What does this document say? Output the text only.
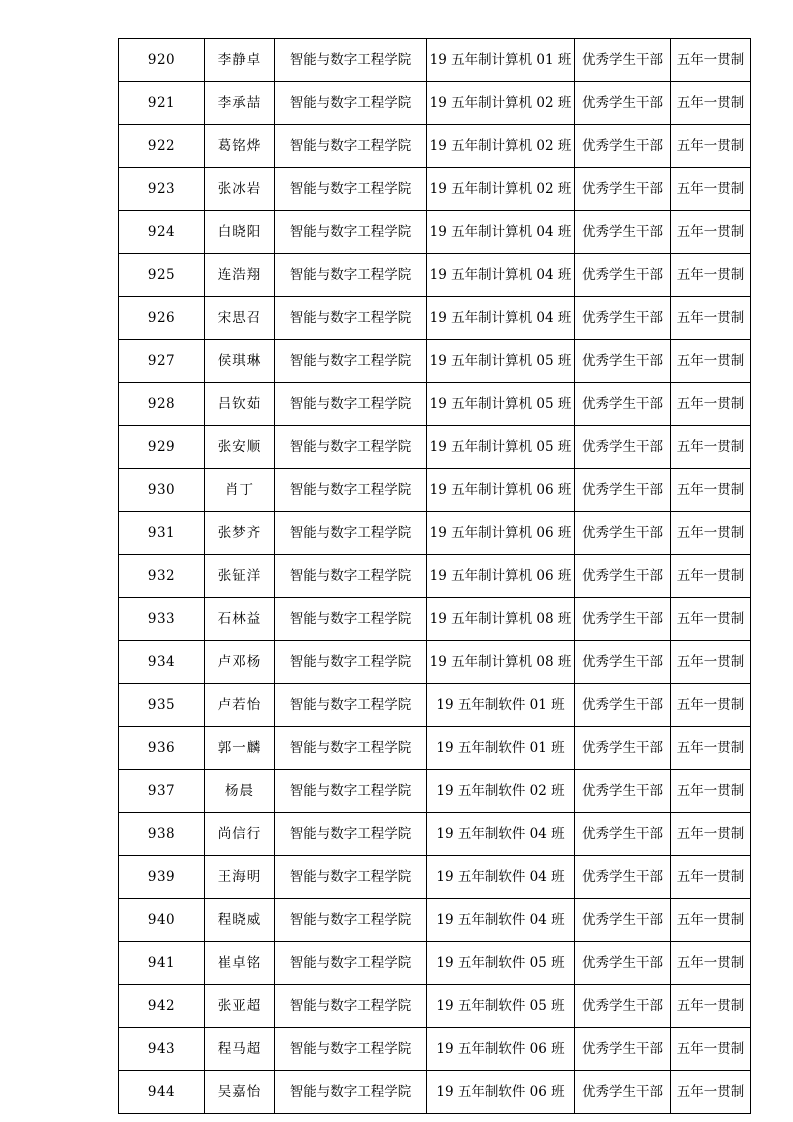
920	李静卓	智能与数字工程学院	19 五年制计算机 01 班	优秀学生干部	五年一贯制
921	李承喆	智能与数字工程学院	19 五年制计算机 02 班	优秀学生干部	五年一贯制
922	葛铭烨	智能与数字工程学院	19 五年制计算机 02 班	优秀学生干部	五年一贯制
923	张冰岩	智能与数字工程学院	19 五年制计算机 02 班	优秀学生干部	五年一贯制
924	白晓阳	智能与数字工程学院	19 五年制计算机 04 班	优秀学生干部	五年一贯制
925	连浩翔	智能与数字工程学院	19 五年制计算机 04 班	优秀学生干部	五年一贯制
926	宋思召	智能与数字工程学院	19 五年制计算机 04 班	优秀学生干部	五年一贯制
927	侯琪琳	智能与数字工程学院	19 五年制计算机 05 班	优秀学生干部	五年一贯制
928	吕钦茹	智能与数字工程学院	19 五年制计算机 05 班	优秀学生干部	五年一贯制
929	张安顺	智能与数字工程学院	19 五年制计算机 05 班	优秀学生干部	五年一贯制
930	肖丁	智能与数字工程学院	19 五年制计算机 06 班	优秀学生干部	五年一贯制
931	张梦齐	智能与数字工程学院	19 五年制计算机 06 班	优秀学生干部	五年一贯制
932	张钲洋	智能与数字工程学院	19 五年制计算机 06 班	优秀学生干部	五年一贯制
933	石林益	智能与数字工程学院	19 五年制计算机 08 班	优秀学生干部	五年一贯制
934	卢邓杨	智能与数字工程学院	19 五年制计算机 08 班	优秀学生干部	五年一贯制
935	卢若怡	智能与数字工程学院	19 五年制软件 01 班	优秀学生干部	五年一贯制
936	郭一麟	智能与数字工程学院	19 五年制软件 01 班	优秀学生干部	五年一贯制
937	杨晨	智能与数字工程学院	19 五年制软件 02 班	优秀学生干部	五年一贯制
938	尚信行	智能与数字工程学院	19 五年制软件 04 班	优秀学生干部	五年一贯制
939	王海明	智能与数字工程学院	19 五年制软件 04 班	优秀学生干部	五年一贯制
940	程晓威	智能与数字工程学院	19 五年制软件 04 班	优秀学生干部	五年一贯制
941	崔卓铭	智能与数字工程学院	19 五年制软件 05 班	优秀学生干部	五年一贯制
942	张亚超	智能与数字工程学院	19 五年制软件 05 班	优秀学生干部	五年一贯制
943	程马超	智能与数字工程学院	19 五年制软件 06 班	优秀学生干部	五年一贯制
944	吴嘉怡	智能与数字工程学院	19 五年制软件 06 班	优秀学生干部	五年一贯制
